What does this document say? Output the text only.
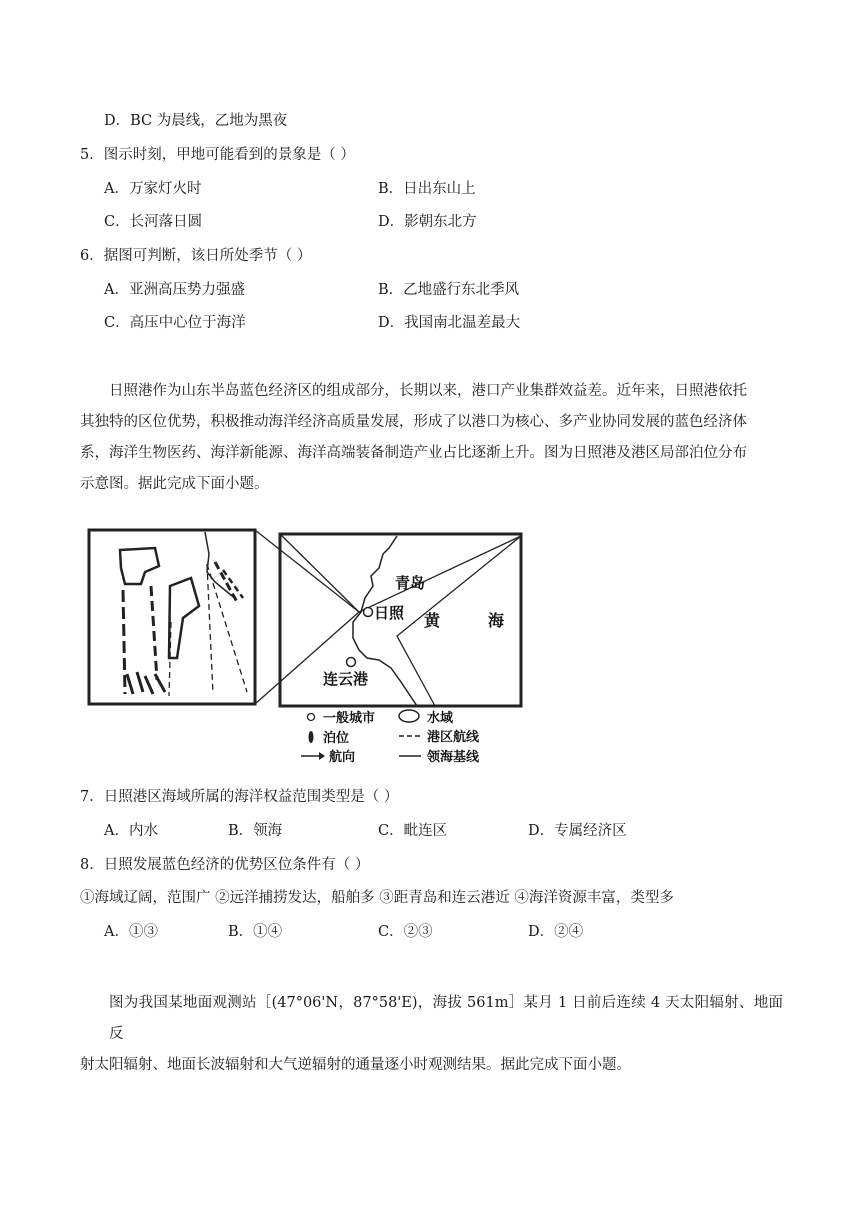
D．BC 为晨线，乙地为黑夜
5．图示时刻，甲地可能看到的景象是（ ）
A．万家灯火时	B．日出东山上
C．长河落日圆	D．影朝东北方
6．据图可判断，该日所处季节（ ）
A．亚洲高压势力强盛	B．乙地盛行东北季风
C．高压中心位于海洋	D．我国南北温差最大
日照港作为山东半岛蓝色经济区的组成部分，长期以来，港口产业集群效益差。近年来，日照港依托
其独特的区位优势，积极推动海洋经济高质量发展，形成了以港口为核心、多产业协同发展的蓝色经济体
系，海洋生物医药、海洋新能源、海洋高端装备制造产业占比逐渐上升。图为日照港及港区局部泊位分布
示意图。据此完成下面小题。
青岛
日照 黄	海
连云港
一般城市	水域
泊位	港区航线
航向	领海基线
7．日照港区海域所属的海洋权益范围类型是（ ）
A．内水	B．领海	C．毗连区	D．专属经济区
8．日照发展蓝色经济的优势区位条件有（ ）
①海域辽阔，范围广 ②远洋捕捞发达，船舶多 ③距青岛和连云港近 ④海洋资源丰富，类型多
A．①③	B．①④	C．②③	D．②④
图为我国某地面观测站［(47°06'N，87°58'E)，海拔 561m］某月 1 日前后连续 4 天太阳辐射、地面反
射太阳辐射、地面长波辐射和大气逆辐射的通量逐小时观测结果。据此完成下面小题。
